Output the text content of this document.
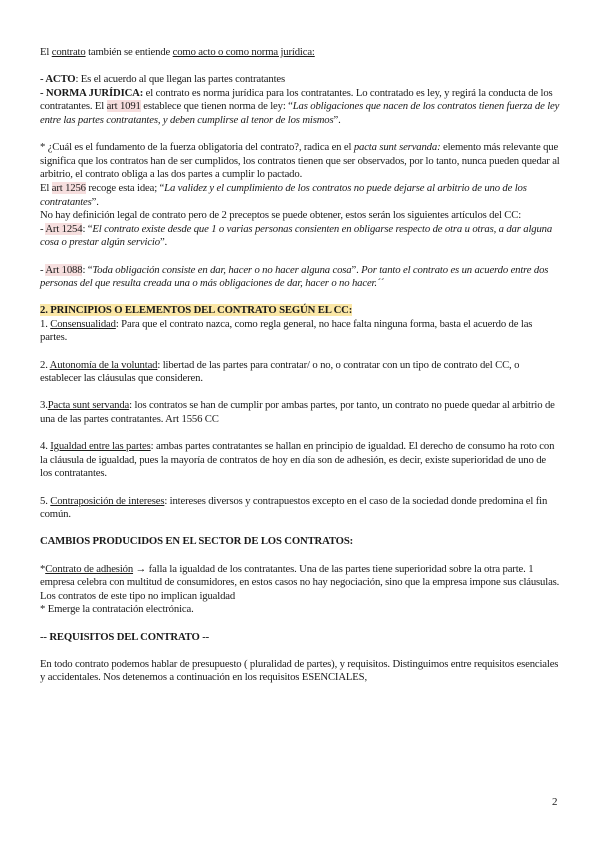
El contrato también se entiende como acto o como norma jurídica:

- ACTO: Es el acuerdo al que llegan las partes contratantes

- NORMA JURÍDICA: el contrato es norma jurídica para los contratantes. Lo contratado es ley, y regirá la conducta de los contratantes. El art 1091 establece que tienen norma de ley: “Las obligaciones que nacen de los contratos tienen fuerza de ley entre las partes contratantes, y deben cumplirse al tenor de los mismos”.

* ¿Cuál es el fundamento de la fuerza obligatoria del contrato?, radica en el pacta sunt servanda: elemento más relevante que significa que los contratos han de ser cumplidos, los contratos tienen que ser observados, por lo tanto, nunca pueden quedar al arbitrio, el contrato obliga a las dos partes a cumplir lo pactado.

El art 1256 recoge esta idea; “La validez y el cumplimiento de los contratos no puede dejarse al arbitrio de uno de los contratantes”.

No hay definición legal de contrato pero de 2 preceptos se puede obtener, estos serán los siguientes artículos del CC:

- Art 1254: “El contrato existe desde que 1 o varias personas consienten en obligarse respecto de otra u otras, a dar alguna cosa o prestar algún servicio”.

- Art 1088: “Toda obligación consiste en dar, hacer o no hacer alguna cosa”. Por tanto el contrato es un acuerdo entre dos personas del que resulta creada una o más obligaciones de dar, hacer o no hacer.´´

2. PRINCIPIOS O ELEMENTOS DEL CONTRATO SEGÚN EL CC:

1. Consensualidad: Para que el contrato nazca, como regla general, no hace falta ninguna forma, basta el acuerdo de las partes.

2. Autonomía de la voluntad: libertad de las partes para contratar/ o no, o contratar con un tipo de contrato del CC, o establecer las cláusulas que consideren.

3.Pacta sunt servanda: los contratos se han de cumplir por ambas partes, por tanto, un contrato no puede quedar al arbitrio de una de las partes contratantes. Art 1556 CC

4. Igualdad entre las partes: ambas partes contratantes se hallan en principio de igualdad. El derecho de consumo ha roto con la cláusula de igualdad, pues la mayoría de contratos de hoy en día son de adhesión, es decir, existe superioridad de uno de los contratantes.

5. Contraposición de intereses: intereses diversos y contrapuestos excepto en el caso de la sociedad donde predomina el fin común.

CAMBIOS PRODUCIDOS EN EL SECTOR DE LOS CONTRATOS:

*Contrato de adhesión → falla la igualdad de los contratantes. Una de las partes tiene superioridad sobre la otra parte. 1 empresa celebra con multitud de consumidores, en estos casos no hay negociación, sino que la empresa impone sus cláusulas. Los contratos de este tipo no implican igualdad

* Emerge la contratación electrónica.

-- REQUISITOS DEL CONTRATO --

En todo contrato podemos hablar de presupuesto ( pluralidad de partes), y requisitos. Distinguimos entre requisitos esenciales y accidentales. Nos detenemos a continuación en los requisitos ESENCIALES,

2
